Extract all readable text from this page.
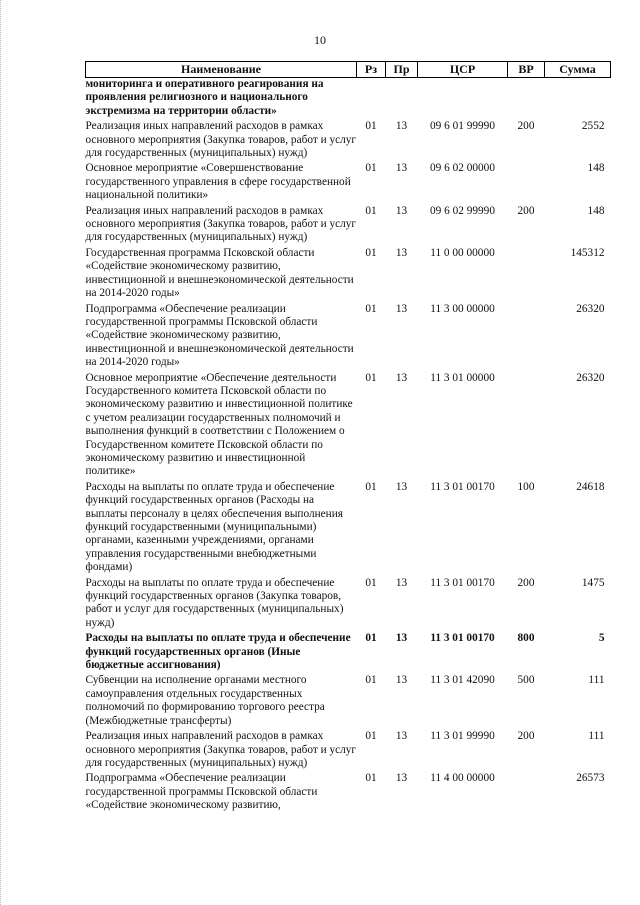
10
Наименование	Рз	Пр	ЦСР	ВР	Сумма
мониторинга и оперативного реагирования на проявления религиозного и национального экстремизма на территории области»					
Реализация иных направлений расходов в рамках основного мероприятия (Закупка товаров, работ и услуг для государственных (муниципальных) нужд)	01	13	09 6 01 99990	200	2552
Основное мероприятие «Совершенствование государственного управления в сфере государственной национальной политики»	01	13	09 6 02 00000		148
Реализация иных направлений расходов в рамках основного мероприятия (Закупка товаров, работ и услуг для государственных (муниципальных) нужд)	01	13	09 6 02 99990	200	148
Государственная программа Псковской области «Содействие экономическому развитию, инвестиционной и внешнеэкономической деятельности на 2014-2020 годы»	01	13	11 0 00 00000		145312
Подпрограмма «Обеспечение реализации государственной программы Псковской области «Содействие экономическому развитию, инвестиционной и внешнеэкономической деятельности на 2014-2020 годы»	01	13	11 3 00 00000		26320
Основное мероприятие «Обеспечение деятельности Государственного комитета Псковской области по экономическому развитию и инвестиционной политике с учетом реализации государственных полномочий и выполнения функций в соответствии с Положением о Государственном комитете Псковской области по экономическому развитию и инвестиционной политике»	01	13	11 3 01 00000		26320
Расходы на выплаты по оплате труда и обеспечение функций государственных органов (Расходы на выплаты персоналу в целях обеспечения выполнения функций государственными (муниципальными) органами, казенными учреждениями, органами управления государственными внебюджетными фондами)	01	13	11 3 01 00170	100	24618
Расходы на выплаты по оплате труда и обеспечение функций государственных органов (Закупка товаров, работ и услуг для государственных (муниципальных) нужд)	01	13	11 3 01 00170	200	1475
Расходы на выплаты по оплате труда и обеспечение функций государственных органов (Иные бюджетные ассигнования)	01	13	11 3 01 00170	800	5
Субвенции на исполнение органами местного самоуправления отдельных государственных полномочий по формированию торгового реестра (Межбюджетные трансферты)	01	13	11 3 01 42090	500	111
Реализация иных направлений расходов в рамках основного мероприятия (Закупка товаров, работ и услуг для государственных (муниципальных) нужд)	01	13	11 3 01 99990	200	111
Подпрограмма «Обеспечение реализации государственной программы Псковской области «Содействие экономическому развитию,	01	13	11 4 00 00000		26573
